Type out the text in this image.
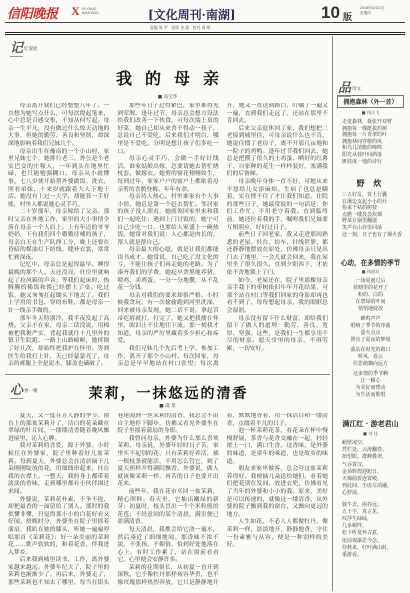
信阳晚报 X IN YANG
WAN BAO	[文化周刊·南湖]	10 版
2018年6月21日
星期四
责编 周 宇　组版 金 露　校对 周 明
记忆深处
我的母亲
■ 高宝华

母亲离开我们已经整整八年了。一直想为她写点什么，可每次提起笔来，心中总是百感交集，不知从何写起。母亲一生平凡，没有做过什么惊天动地的大事，但她的勤劳、善良和坚韧，却深深地影响着我们兄妹几个。

母亲出生在豫南的一个小山村，家里兄妹七个，她排行老三。外公是个老实巴交的庄稼人，一年到头在地里忙碌，也只能勉强糊口。母亲从小就懂事，七八岁便开始帮外婆做饭、洗衣、照看弟妹，十来岁就跟着大人下地干活。她没有上过一天学，却能算一手好账，村里人都说她心灵手巧。

二十岁那年，母亲嫁给了父亲。那时父亲在外地工作，家里的大小事情全落在母亲一个人肩上。上有年迈的爷爷奶奶，下有我们四个嗷嗷待哺的孩子，母亲白天在生产队挣工分，晚上还要在昏暗的煤油灯下纺线、缝补衣裳，常常忙到深夜。

记忆中，母亲总是起得最早、睡得最晚的那个人。天还没亮，灶房里就响起了拉风箱的声音；等我们起床时，热腾腾的稀饭和馍已经摆上了桌。吃过饭，她又匆匆扛起锄头下地去了。我们上学用的书包、穿的布鞋，都是母亲一针一线亲手做的。

那年冬天特别冷，我半夜发起了高烧。父亲不在家，母亲二话没说，用棉被把我裹严实，背起我就往十几里外的镇卫生院跑。一路上山路崎岖，她摔倒了好几次，却始终把我护在怀里。等到医生给我打上针，天已经蒙蒙亮了，母亲的裤腿上全是泥水，膝盖也磕破了。

那些年日子过得紧巴，家里难得见到荤腥。逢年过节，母亲总会想方设法给我们改善一下伙食，可每次端上桌的好菜，她自己却从来舍不得动一筷子，总说自己不爱吃。后来我们才明白，哪里是不爱吃，分明是想让孩子们多吃一口。

母亲心灵手巧，会做一手好针线活。谁家姑娘出嫁，总要请她去帮忙绣枕套、做嫁衣。她剪的窗花栩栩如生，每到过年，家家户户的窗户上都贴着母亲剪的喜鹊登梅、年年有余。

母亲待人热心。村里谁家有个大事小情，她总是第一个赶去帮忙。邻居家的孩子没人照看，她就领回家里来和我们一起吃住；遇到上门讨饭的，她宁可自己少吃一口，也要给人家盛上一碗热饭。她常对我们说：人心都是肉长的，帮人就是帮自己。

母亲最大的心愿，就是让我们都能读书成才。她常说，自己吃了没文化的亏，不能让孩子们再走她的老路。为了凑齐我们的学费，她起早贪黑地养猪、喂鸡、卖鸡蛋，一分一分地攒，从不乱花一分钱。

母亲对我们的要求却很严格。小时候我贪玩，有一次偷偷跑到河里洗澡，回来被母亲发现，她二话不说，拿起笤帚疙瘩就打。打完了，她又把我搂在怀里，眼泪止不住地往下流。那一刻我才知道，母亲的严厉里藏着多少担心和疼爱。

我们兄妹几个先后考上学、参加工作，离开了那个小山村。每次回家，母亲总是早早地站在村口张望；每次离开，她又一直送到路口，叮嘱了一遍又一遍，直到我们走远了，还站在那里不肯回去。

后来父亲退休回了家，我们想把二老接到城里住，可母亲说什么也不肯，她说住惯了老房子，离不开那几亩地和一院子的鸡鸭。逢年过节我们回去，她总是把攒了很久的土鸡蛋、晒好的红薯干、自家种的花生一样样装好，塞满我们的后备厢。

母亲晚年身体一直不好，可她从来不愿给儿女添麻烦。生病了也总是瞒着，实在撑不住了才让我们知道。住院的那些日子，她最常说的一句话是：你们工作忙，不用老守着我。直到临终前，她还拉着我的手，嘱咐我们兄妹要互相照应，好好过日子。

前些日子回老家，我又走进那间熟悉的老屋。灶台、纺车、针线笸箩，都还静静地摆放在原处，仿佛母亲只是出门去了地里，一会儿就会回来。我在屋里坐了很久很久，直到夕阳西下，才依依不舍地锁上了门。

如今，老屋还在，院子里那棵母亲亲手栽下的枣树依旧年年开花结果，可那个站在村口等我们回家的身影却再也看不到了。每每想起母亲，我的眼眶总会湿润。

母亲没有留下什么财富，却给我们留下了做人的道理：勤劳、善良、宽厚、坚强。这些，是我们一生都享用不尽的财富。愿天堂里的母亲，不再劳累，一切安好。

心香一瓣	茉莉，一抹悠远的清香
■ 虞 景

夏天，又一度芬芳人静的季节。窗台上的那盆茉莉开了，洁白的花朵藏在翠绿的叶片间，一缕缕清香随着晚风飘进屋里，沁人心脾。

我对茉莉的喜爱，源于外婆。小时候住在外婆家，院子里种着好几盆茉莉。每到夏天，外婆总会在清晨摘下几朵刚刚绽放的花，用细线串起来，挂在我的衣襟上。一整天，我的身上都带着淡淡的香味，走到哪里都有小伙伴围过来闻。

外婆说，茉莉花朴素，不争不抢，却把最香的一面留给了别人。那时的我似懂非懂，只觉得那小小的白花好看又好闻。傍晚时分，外婆坐在院子里摇着蒲扇，我趴在她的膝头，听她一遍遍哼唱那首《茉莉花》：好一朵美丽的茉莉花……歌声软软的，和着花香，伴我进入梦乡。

后来我到城里读书、工作，离外婆家越来越远。外婆年纪大了，院子里的茉莉也渐渐少了。再后来，外婆走了，那些茉莉也不知去了哪里。每当在街头巷尾闻到一丝茉莉的清香，我总会不由自主地停下脚步，仿佛又看见外婆坐在院子里摇着蒲扇的身影。

我曾问母亲，外婆为什么那么喜欢茉莉。母亲说，外婆年轻时日子苦，家里买不起别的花，只有茉莉好养活，插一根枝条就能活，不用怎么管它，到了夏天照样开得满院飘香。外婆说，做人就该像茉莉一样，再苦的日子也要开出花来。

前些年，我在花市买回一盆茉莉，精心照料。春天里，它抽出嫩绿的新芽；初夏时，枝头冒出一个个米粒般的花苞；不经意间的某个清晨，满室便已盈满清香。

每天清晨，我都会给它浇一遍水，然后凑近了细细地闻。那香味不浓不淡，不张扬，不媚俗，恰到好处地落在心上。有时工作累了，站在窗前看看它，心里便会安静许多。

茉莉的花期很长，从初夏一直开到深秋。它不像牡丹那样雍容华贵，也不像玫瑰那样热烈奔放，它只是静静地开着，默默地香着，用一抹洁白和一缕清香，点缀着平凡的日子。

泡一杯茉莉花茶，看花朵在杯中慢慢舒展，茶香与花香交融在一起，轻轻抿上一口，满口生香。这香味，是外婆的味道，是童年的味道，也是故乡的味道。

朋友来家里做客，总会夸这盆茉莉养得好。我便摘几朵送给她们，看着她们把花别在发间、放进衣兜，仿佛看见了当年的外婆和小小的我。原来，美好是可以传递的，就像这一缕清香，从外婆的院子飘到我的窗台，又飘向更远的地方。

人生如花，不必人人都做牡丹。像茉莉一样，淡淡地开，静静地香，守住一份素雅与从容，便是一种别样的美好。

品诗文
拥抱森林（外一首）
■ 钱岳飞

走进森林，我张开双臂

拥抱每一棵挺拔的树

拥抱每一片青翠的叶

拥抱林间穿梭的风

和鸟儿清脆的啼鸣

阳光从枝叶间洒落

斑驳成一地的诗行

野 炊

三五好友，背上行囊

在溪边支起小小的灶

捡来干枯的树枝

点燃一缕袅袅炊烟

野菜在锅里翻滚

笑声在山谷里回荡

这一刻，日子也有了烟火香

心动，在多情的季节
■ 钱丽珏

一场夏雨过后

荷塘里的花开了

粉的、白的

在碧绿的叶间

悄悄地绽放

蝉鸣声声

唱响了季节的序曲

萤火点点

照亮了夏夜的梦境

我站在时光的路口

听风，看云

任思绪飘向远方

这多情的季节啊

让一颗心

为美好而悸动

为生活而歌唱

满江红 · 游老君山
■ 刘 佳

峭壁凌空，

凭栏处、云涛翻卷。

抬望眼、群峰叠翠，

气吞霄汉。

金顶辉煌迎旭日，

天梯曲折连霄殿。

到此间、尘虑尽消融，

心舒展。

骑牛去，函谷远；

五千字，真言见。

叹浮生碌碌，

几多羁绊。

松下听泉怀古意，

崖前观瀑思今念。

待秋来、红叶满山时，

重游看。
